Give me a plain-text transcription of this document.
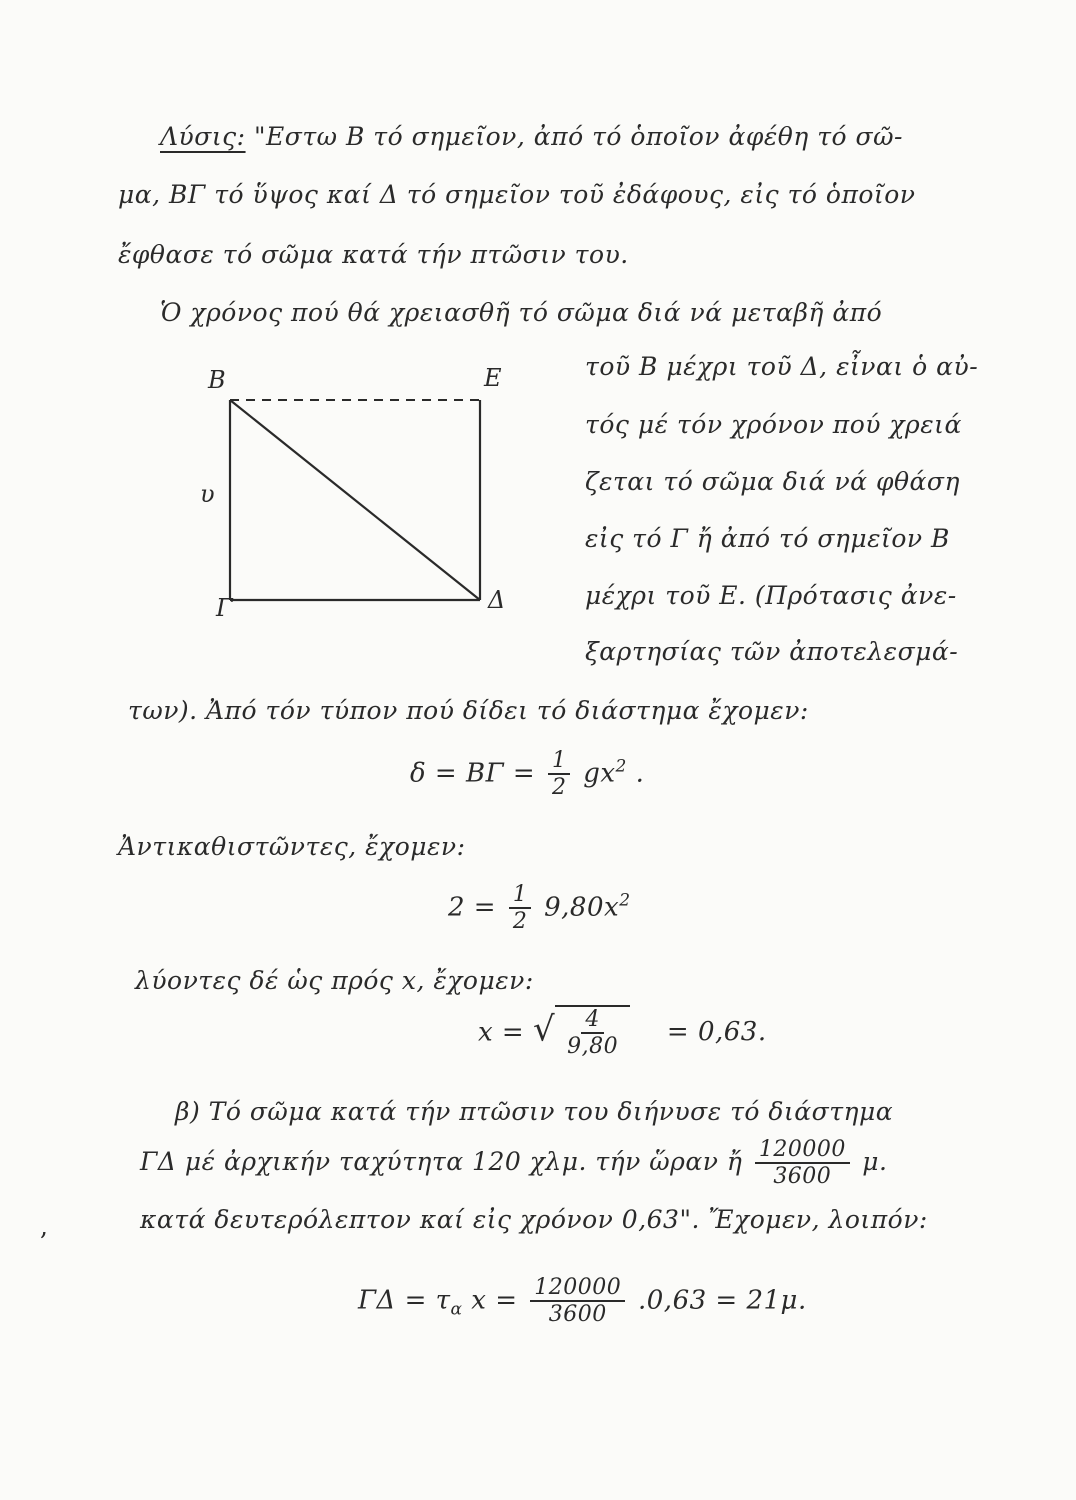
Λύσις: "Εστω Β τό σημεῖον, ἀπό τό ὁποῖον ἀφέθη τό σῶ-
μα, ΒΓ τό ὕψος καί Δ τό σημεῖον τοῦ ἐδάφους, εἰς τό ὁποῖον
ἔφθασε τό σῶμα κατά τήν πτῶσιν του.
Ὁ χρόνος πού θά χρειασθῆ τό σῶμα διά νά μεταβῆ ἀπό
Β	Ε
υ
Γ	Δ
τοῦ Β μέχρι τοῦ Δ, εἶναι ὁ αὐ-
τός μέ τόν χρόνον πού χρειά
ζεται τό σῶμα διά νά φθάση
εἰς τό Γ ἤ ἀπό τό σημεῖον Β
μέχρι τοῦ Ε. (Πρότασις ἀνε-
ξαρτησίας τῶν ἀποτελεσμά-
των). Ἀπό τόν τύπον πού δίδει τό διάστημα ἔχομεν:
$\delta = B\Gamma = \frac{1}{2} gx^2$ .
Ἀντικαθιστῶντες, ἔχομεν:
$2 = \frac{1}{2} 9,80x^2$
λύοντες δέ ὡς πρός x, ἔχομεν:
x = √ $\frac{4}{9,80} = 0,63$.
β) Τό σῶμα κατά τήν πτῶσιν του διήνυσε τό διάστημα
ΓΔ μέ ἀρχικήν ταχύτητα 120 χλμ. τήν ὥραν ἤ $\frac{120000}{3600} \mu$.
κατά δευτερόλεπτον καί εἰς χρόνον 0,63". Ἔχομεν, λοιπόν:
,
$\Gamma\Delta = \tau_\alpha$ $x = \frac{120000}{3600} .0,63 = 21\mu$.
